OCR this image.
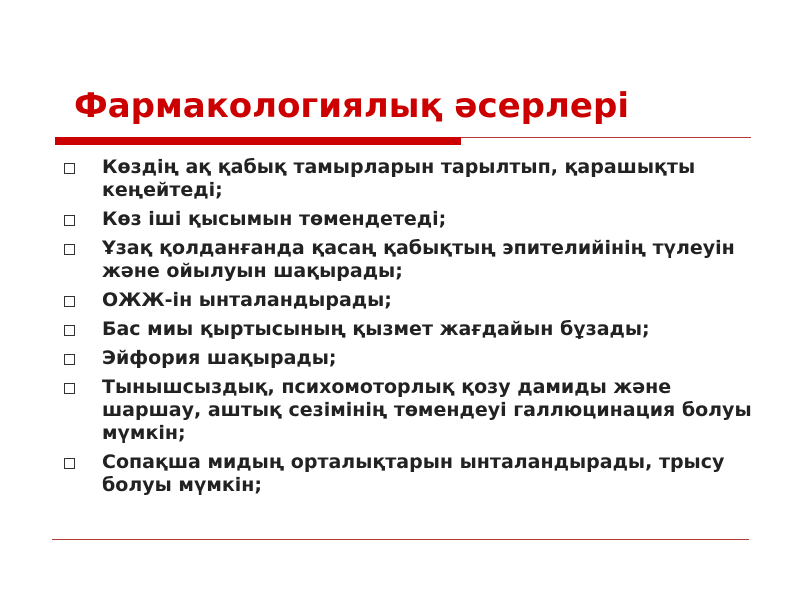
Фармакологиялық әсерлері
Көздің ақ қабық тамырларын тарылтып, қарашықты кеңейтеді;
Көз іші қысымын төмендетеді;
Ұзақ қолданғанда қасаң қабықтың эпителийінің түлеуін және ойылуын шақырады;
ОЖЖ-ін ынталандырады;
Бас миы қыртысының қызмет жағдайын бұзады;
Эйфория шақырады;
Тынышсыздық, психомоторлық қозу дамиды және шаршау, аштық сезімінің төмендеуі галлюцинация болуы мүмкін;
Сопақша мидың орталықтарын ынталандырады, трысу болуы мүмкін;
